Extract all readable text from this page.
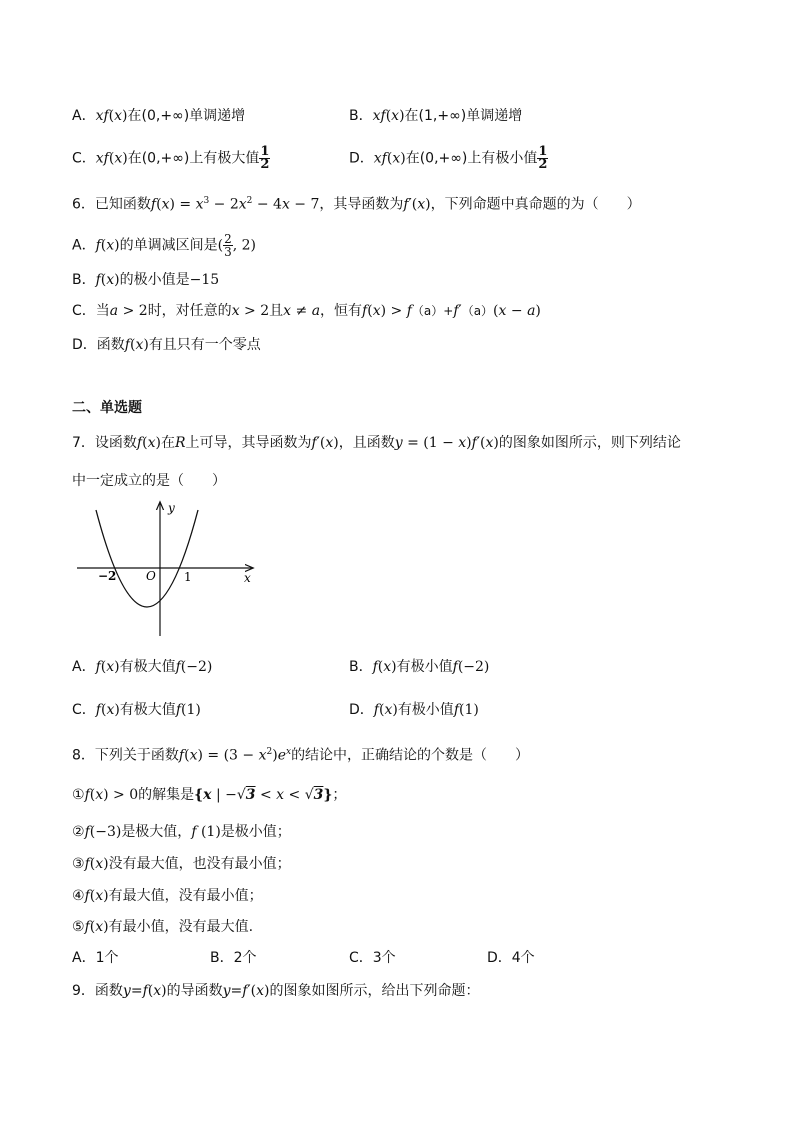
A．xf(x)在(0,+∞)单调递增	B．xf(x)在(1,+∞)单调递增
C．xf(x)在(0,+∞)上有极大值 $\frac{1}{2}$	D．xf(x)在(0,+∞)上有极小值 $\frac{1}{2}$
6．已知函数$f(x) = x^3 - 2x^2 - 4x - 7$，其导函数为f′(x)，下列命题中真命题的为（　　）
A．f(x)的单调减区间是( $\frac{2}{3}$ , 2)
B．f(x)的极小值是−15
C．当a > 2时，对任意的x > 2且x ≠ a，恒有f(x) > f（a）+f′（a）(x − a)
D．函数f(x)有且只有一个零点
二、单选题
7．设函数f(x)在R上可导，其导函数为f′(x)，且函数y = (1 − x)f′(x)的图象如图所示，则下列结论
中一定成立的是（　　）
y
x
O
−2	1
A．f(x)有极大值f(−2)	B．f(x)有极小值f(−2)
C．f(x)有极大值f(1)	D．f(x)有极小值f(1)
8．下列关于函数$f(x) = (3 - x^2)e^x$的结论中，正确结论的个数是（　　）
①f(x) > 0的解集是{x | −√3 < x < √3}；
②f(−3)是极大值，f (1)是极小值；
③f(x)没有最大值，也没有最小值；
④f(x)有最大值，没有最小值；
⑤f(x)有最小值，没有最大值.
A．1个	B．2个	C．3个	D．4个
9．函数y=f(x)的导函数y=f′(x)的图象如图所示，给出下列命题：
